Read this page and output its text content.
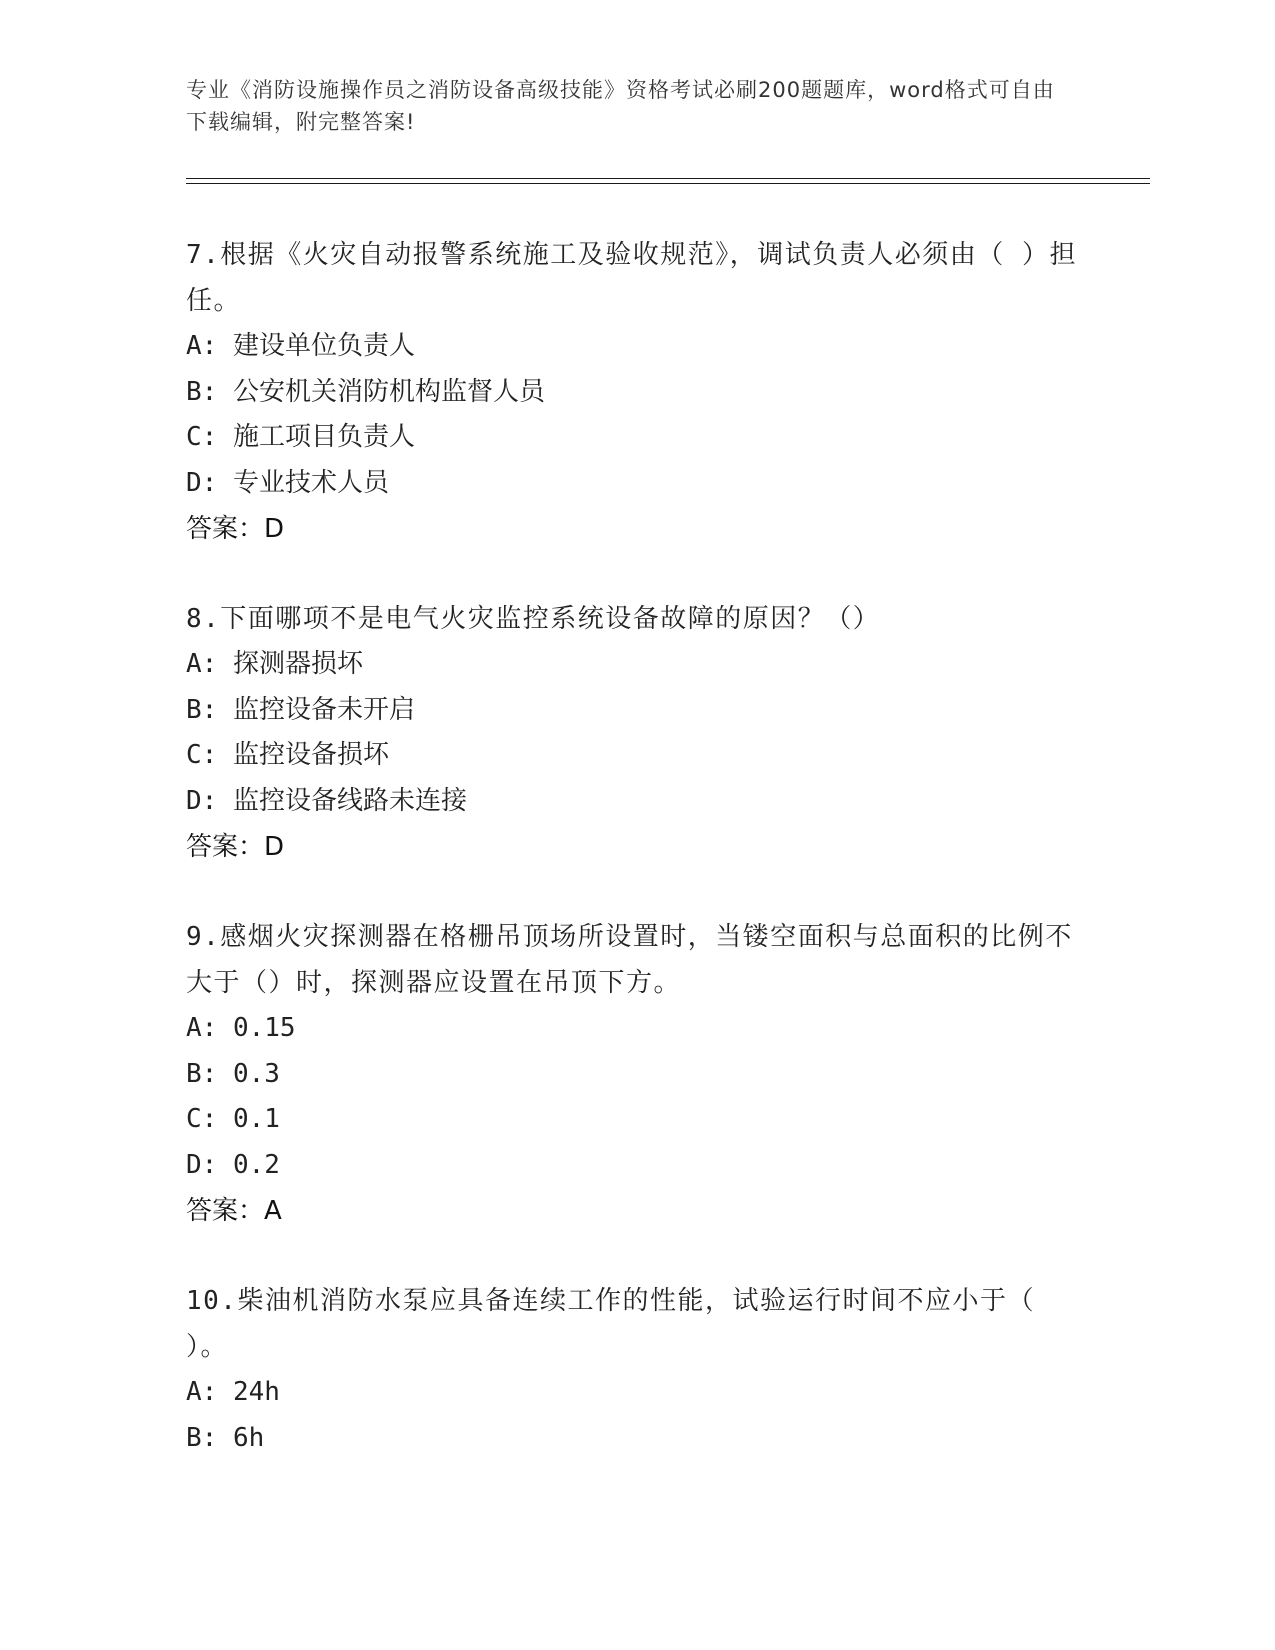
专业《消防设施操作员之消防设备高级技能》资格考试必刷200题题库，word格式可自由下载编辑，附完整答案!

7.根据《火灾自动报警系统施工及验收规范》，调试负责人必须由（ ）担任。

A: 建设单位负责人

B: 公安机关消防机构监督人员

C: 施工项目负责人

D: 专业技术人员

答案：D

8.下面哪项不是电气火灾监控系统设备故障的原因？（）

A: 探测器损坏

B: 监控设备未开启

C: 监控设备损坏

D: 监控设备线路未连接

答案：D

9.感烟火灾探测器在格栅吊顶场所设置时，当镂空面积与总面积的比例不大于（）时，探测器应设置在吊顶下方。

A: 0.15

B: 0.3

C: 0.1

D: 0.2

答案：A

10.柴油机消防水泵应具备连续工作的性能，试验运行时间不应小于（ ）。

A: 24h

B: 6h
